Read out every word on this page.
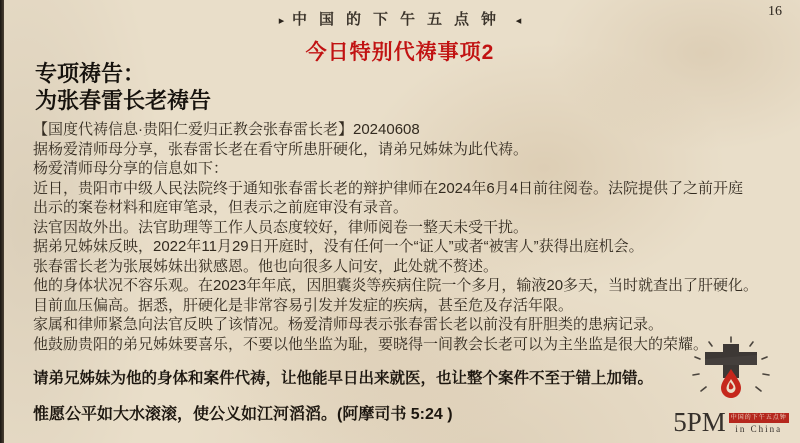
16
▸ 中国的下午五点钟 ◂
今日特别代祷事项2
专项祷告：
为张春雷长老祷告
【国度代祷信息·贵阳仁爱归正教会张春雷长老】20240608
据杨爱清师母分享，张春雷长老在看守所患肝硬化，请弟兄姊妹为此代祷。
杨爱清师母分享的信息如下：
近日，贵阳市中级人民法院终于通知张春雷长老的辩护律师在2024年6月4日前往阅卷。法院提供了之前开庭
出示的案卷材料和庭审笔录，但表示之前庭审没有录音。
法官因故外出。法官助理等工作人员态度较好，律师阅卷一整天未受干扰。
据弟兄姊妹反映，2022年11月29日开庭时，没有任何一个“证人”或者“被害人”获得出庭机会。
张春雷长老为张展姊妹出狱感恩。他也向很多人问安，此处就不赘述。
他的身体状况不容乐观。在2023年年底，因胆囊炎等疾病住院一个多月，输液20多天，当时就查出了肝硬化。
目前血压偏高。据悉，肝硬化是非常容易引发并发症的疾病，甚至危及存活年限。
家属和律师紧急向法官反映了该情况。杨爱清师母表示张春雷长老以前没有肝胆类的患病记录。
他鼓励贵阳的弟兄姊妹要喜乐，不要以他坐监为耻，要晓得一间教会长老可以为主坐监是很大的荣耀。
请弟兄姊妹为他的身体和案件代祷，让他能早日出来就医，也让整个案件不至于错上加错。
惟愿公平如大水滚滚，使公义如江河滔滔。(阿摩司书 5:24 )	5PM 中国的下午五点钟
in China
